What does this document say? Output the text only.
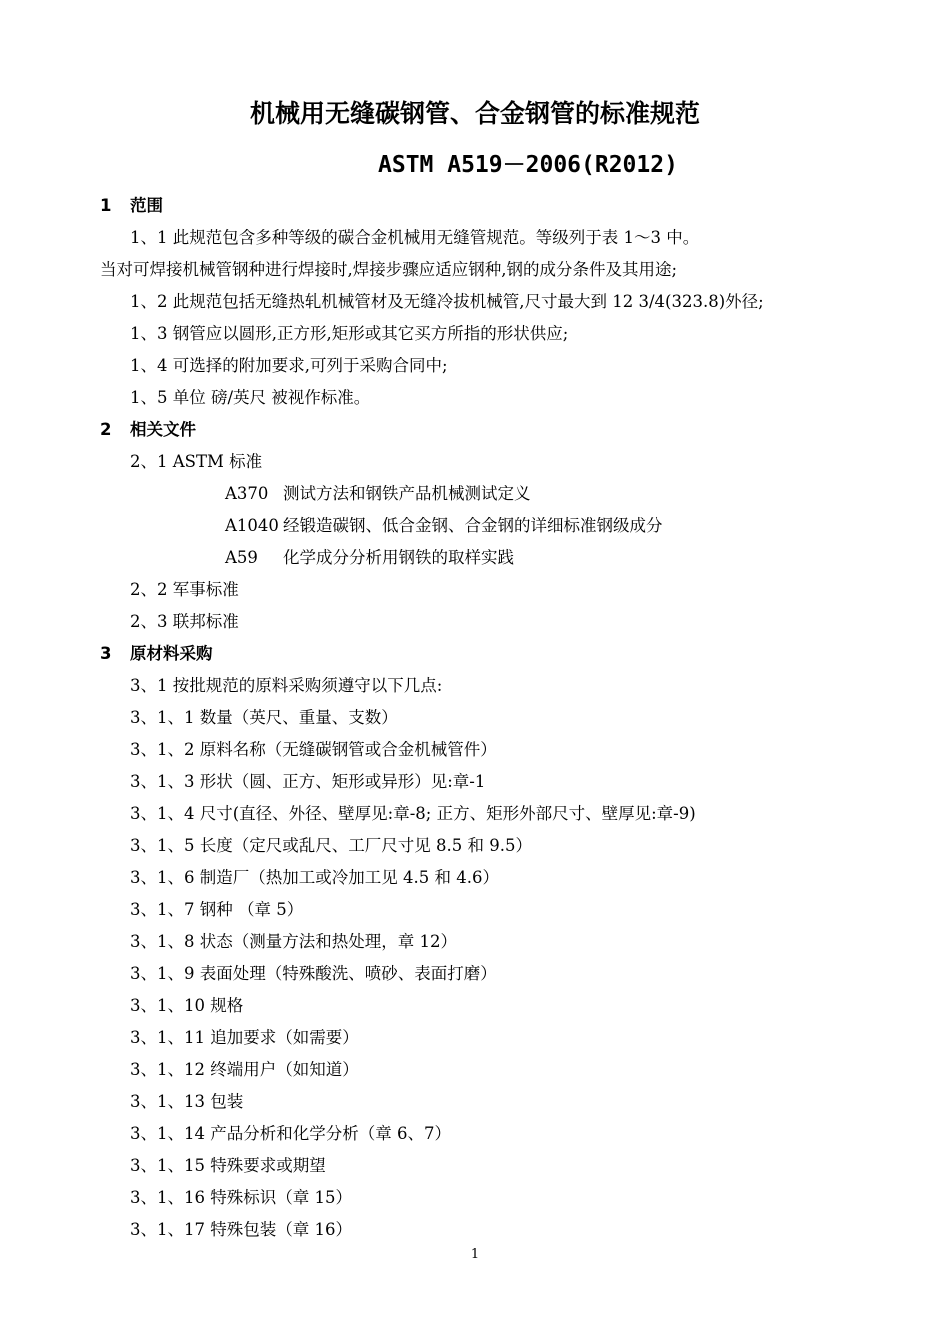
机械用无缝碳钢管、合金钢管的标准规范
ASTM A519－2006(R2012)
1 范围
1、1 此规范包含多种等级的碳合金机械用无缝管规范。等级列于表 1～3 中。
当对可焊接机械管钢种进行焊接时,焊接步骤应适应钢种,钢的成分条件及其用途;
1、2 此规范包括无缝热轧机械管材及无缝冷拔机械管,尺寸最大到 12 3/4(323.8)外径;
1、3 钢管应以圆形,正方形,矩形或其它买方所指的形状供应;
1、4 可选择的附加要求,可列于采购合同中;
1、5 单位 磅/英尺 被视作标准。
2 相关文件
2、1 ASTM 标准
A370 测试方法和钢铁产品机械测试定义
A1040 经锻造碳钢、低合金钢、合金钢的详细标准钢级成分
A59 化学成分分析用钢铁的取样实践
2、2 军事标准
2、3 联邦标准
3 原材料采购
3、1 按批规范的原料采购须遵守以下几点:
3、1、1 数量（英尺、重量、支数）
3、1、2 原料名称（无缝碳钢管或合金机械管件）
3、1、3 形状（圆、正方、矩形或异形）见:章-1
3、1、4 尺寸(直径、外径、壁厚见:章-8; 正方、矩形外部尺寸、壁厚见:章-9)
3、1、5 长度（定尺或乱尺、工厂尺寸见 8.5 和 9.5）
3、1、6 制造厂（热加工或冷加工见 4.5 和 4.6）
3、1、7 钢种 （章 5）
3、1、8 状态（测量方法和热处理，章 12）
3、1、9 表面处理（特殊酸洗、喷砂、表面打磨）
3、1、10 规格
3、1、11 追加要求（如需要）
3、1、12 终端用户（如知道）
3、1、13 包装
3、1、14 产品分析和化学分析（章 6、7）
3、1、15 特殊要求或期望
3、1、16 特殊标识（章 15）
3、1、17 特殊包装（章 16）
1
